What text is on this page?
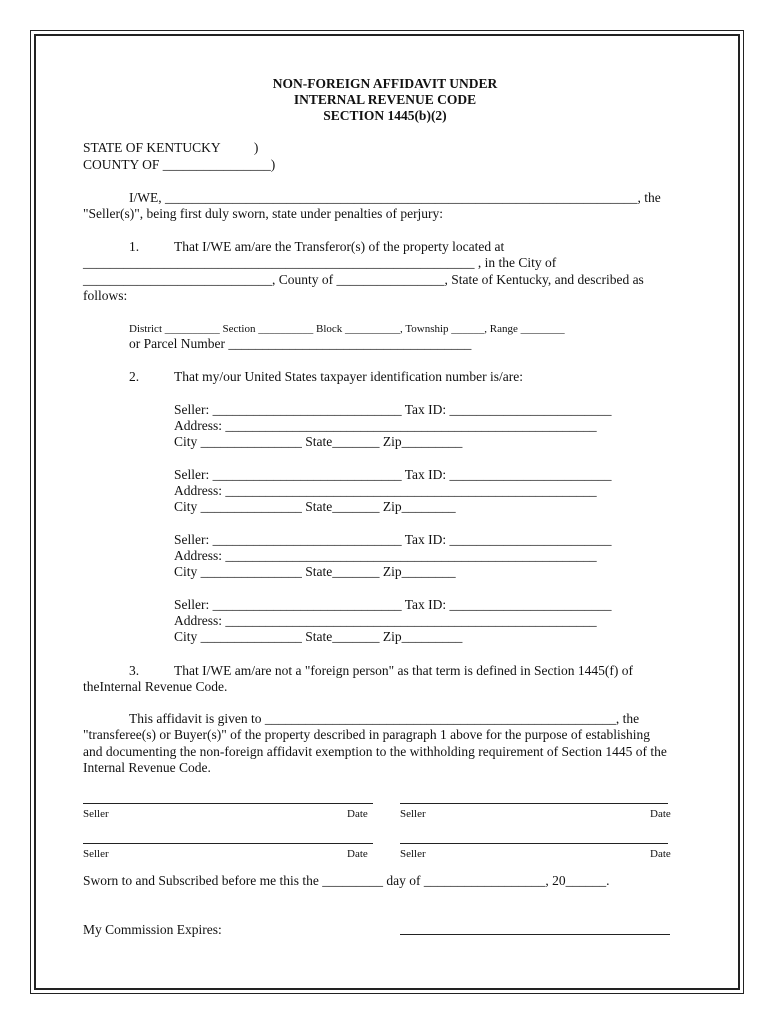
NON-FOREIGN AFFIDAVIT UNDER
INTERNAL REVENUE CODE
SECTION 1445(b)(2)
STATE OF KENTUCKY          )
COUNTY OF ________________)
I/WE, ______________________________________________________________________, the
"Seller(s)", being first duly sworn, state under penalties of perjury:
1.	That I/WE am/are the Transferor(s) of the property located at
__________________________________________________________ , in the City of
____________________________, County of ________________, State of Kentucky, and described as
follows:
District __________ Section __________ Block __________, Township ______, Range ________
or Parcel Number ____________________________________
2.	That my/our United States taxpayer identification number is/are:
Seller: ____________________________ Tax ID: ________________________
Address: _______________________________________________________
City _______________ State_______ Zip_________
Seller: ____________________________ Tax ID: ________________________
Address: _______________________________________________________
City _______________ State_______ Zip________
Seller: ____________________________ Tax ID: ________________________
Address: _______________________________________________________
City _______________ State_______ Zip________
Seller: ____________________________ Tax ID: ________________________
Address: _______________________________________________________
City _______________ State_______ Zip_________
3.	That I/WE am/are not a "foreign person" as that term is defined in Section 1445(f) of
theInternal Revenue Code.
This affidavit is given to ____________________________________________________, the
"transferee(s) or Buyer(s)" of the property described in paragraph 1 above for the purpose of establishing
and documenting the non-foreign affidavit exemption to the withholding requirement of Section 1445 of the
Internal Revenue Code.
Seller	Date	Seller	Date
Seller	Date	Seller	Date
Sworn to and Subscribed before me this the _________ day of __________________, 20______.
My Commission Expires:
